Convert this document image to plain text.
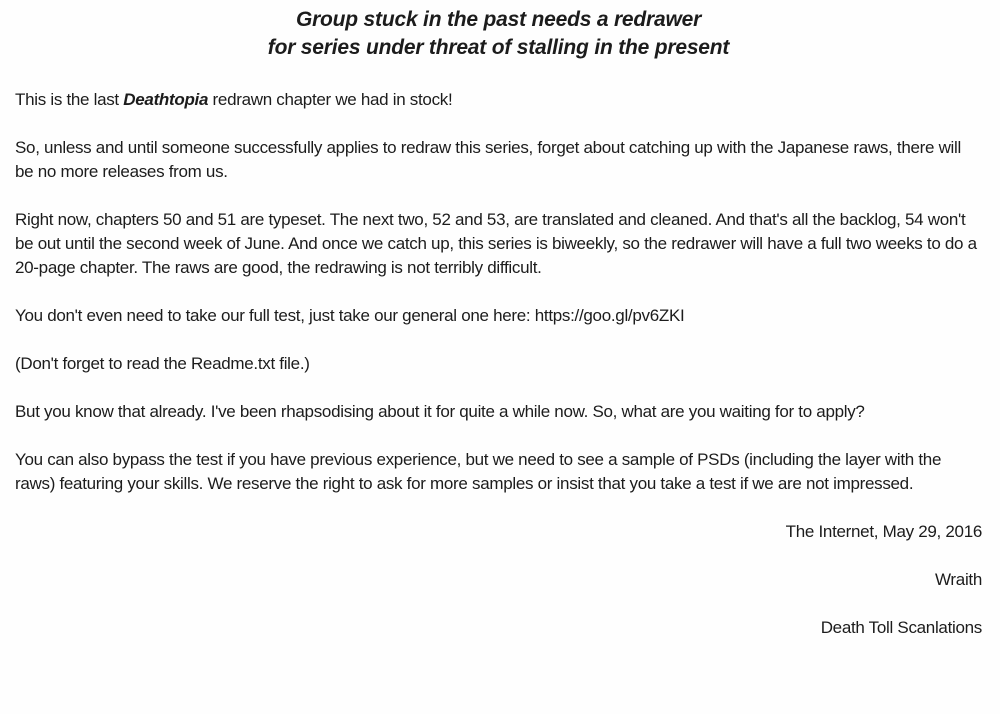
Group stuck in the past needs a redrawer
for series under threat of stalling in the present

This is the last Deathtopia redrawn chapter we had in stock!

So, unless and until someone successfully applies to redraw this series, forget about catching up with the Japanese raws, there will be no more releases from us.

Right now, chapters 50 and 51 are typeset. The next two, 52 and 53, are translated and cleaned. And that's all the backlog, 54 won't be out until the second week of June. And once we catch up, this series is biweekly, so the redrawer will have a full two weeks to do a 20-page chapter. The raws are good, the redrawing is not terribly difficult.

You don't even need to take our full test, just take our general one here: https://goo.gl/pv6ZKI

(Don't forget to read the Readme.txt file.)

But you know that already. I've been rhapsodising about it for quite a while now. So, what are you waiting for to apply?

You can also bypass the test if you have previous experience, but we need to see a sample of PSDs (including the layer with the raws) featuring your skills. We reserve the right to ask for more samples or insist that you take a test if we are not impressed.

The Internet, May 29, 2016

Wraith

Death Toll Scanlations
